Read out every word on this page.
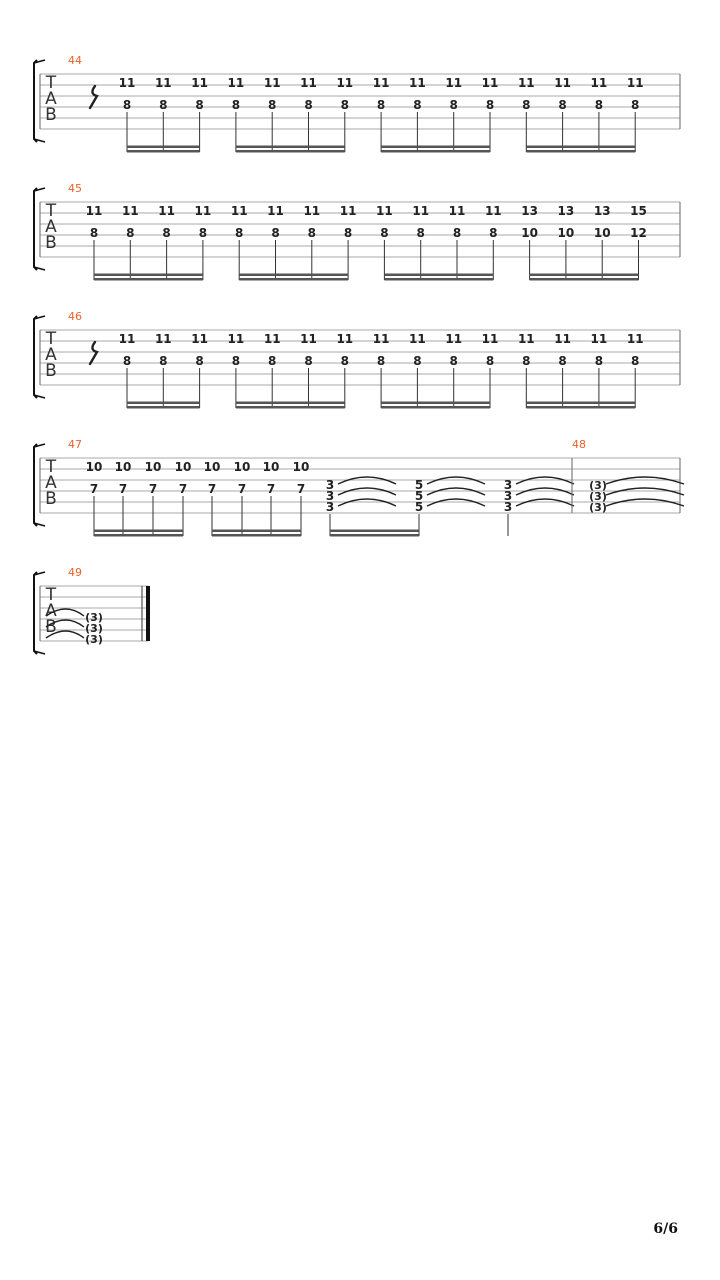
T
A
B
44
11
8
11
8
11
8
11
8
11
8
11
8
11
8
11
8
11
8
11
8
11
8
11
8
11
8
11
8
11
8
T
A
B
45
11
8
11
8
11
8
11
8
11
8
11
8
11
8
11
8
11
8
11
8
11
8
11
8
13
10
13
10
13
10
15
12
T
A
B
46
11
8
11
8
11
8
11
8
11
8
11
8
11
8
11
8
11
8
11
8
11
8
11
8
11
8
11
8
11
8
T
A
B
47
10
7
10
7
10
7
10
7
10
7
10
7
10
7
10
7 3
3
3
5
5
5
3
3
3
48
(3)
(3)
(3)
T
A
B
49
(3)
(3)
(3)
6/6
